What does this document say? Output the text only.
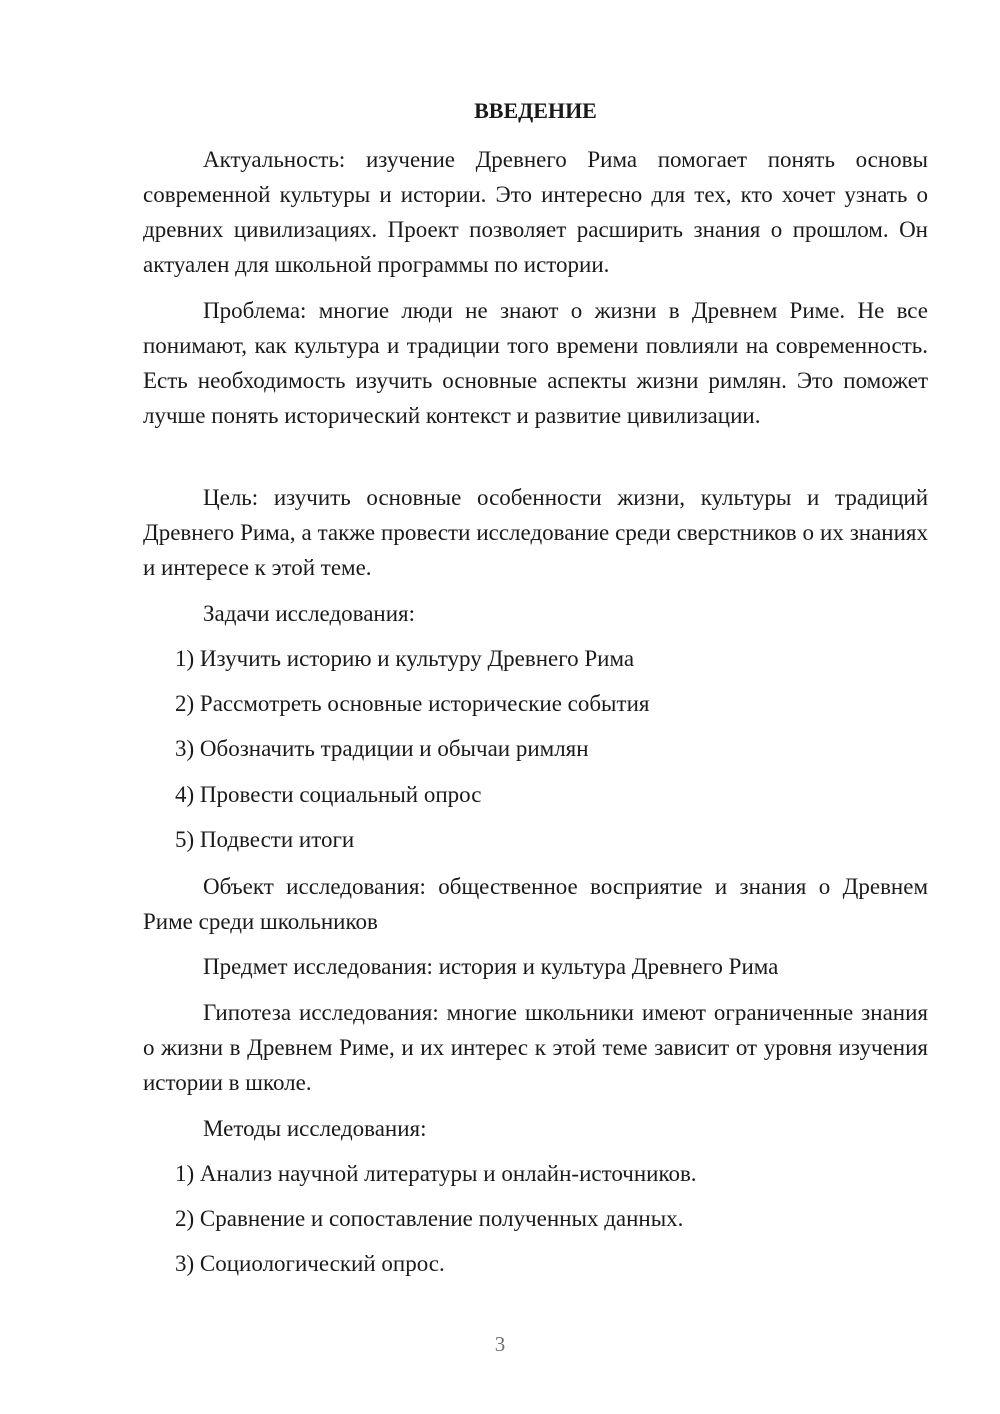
ВВЕДЕНИЕ

Актуальность: изучение Древнего Рима помогает понять основы современной культуры и истории. Это интересно для тех, кто хочет узнать о древних цивилизациях. Проект позволяет расширить знания о прошлом. Он актуален для школьной программы по истории.

Проблема: многие люди не знают о жизни в Древнем Риме. Не все понимают, как культура и традиции того времени повлияли на современность. Есть необходимость изучить основные аспекты жизни римлян. Это поможет лучше понять исторический контекст и развитие цивилизации.

Цель: изучить основные особенности жизни, культуры и традиций Древнего Рима, а также провести исследование среди сверстников о их знаниях и интересе к этой теме.

Задачи исследования:
1) Изучить историю и культуру Древнего Рима
2) Рассмотреть основные исторические события
3) Обозначить традиции и обычаи римлян
4) Провести социальный опрос
5) Подвести итоги

Объект исследования: общественное восприятие и знания о Древнем Риме среди школьников

Предмет исследования: история и культура Древнего Рима

Гипотеза исследования: многие школьники имеют ограниченные знания о жизни в Древнем Риме, и их интерес к этой теме зависит от уровня изучения истории в школе.

Методы исследования:
1) Анализ научной литературы и онлайн-источников.
2) Сравнение и сопоставление полученных данных.
3) Социологический опрос.
3
